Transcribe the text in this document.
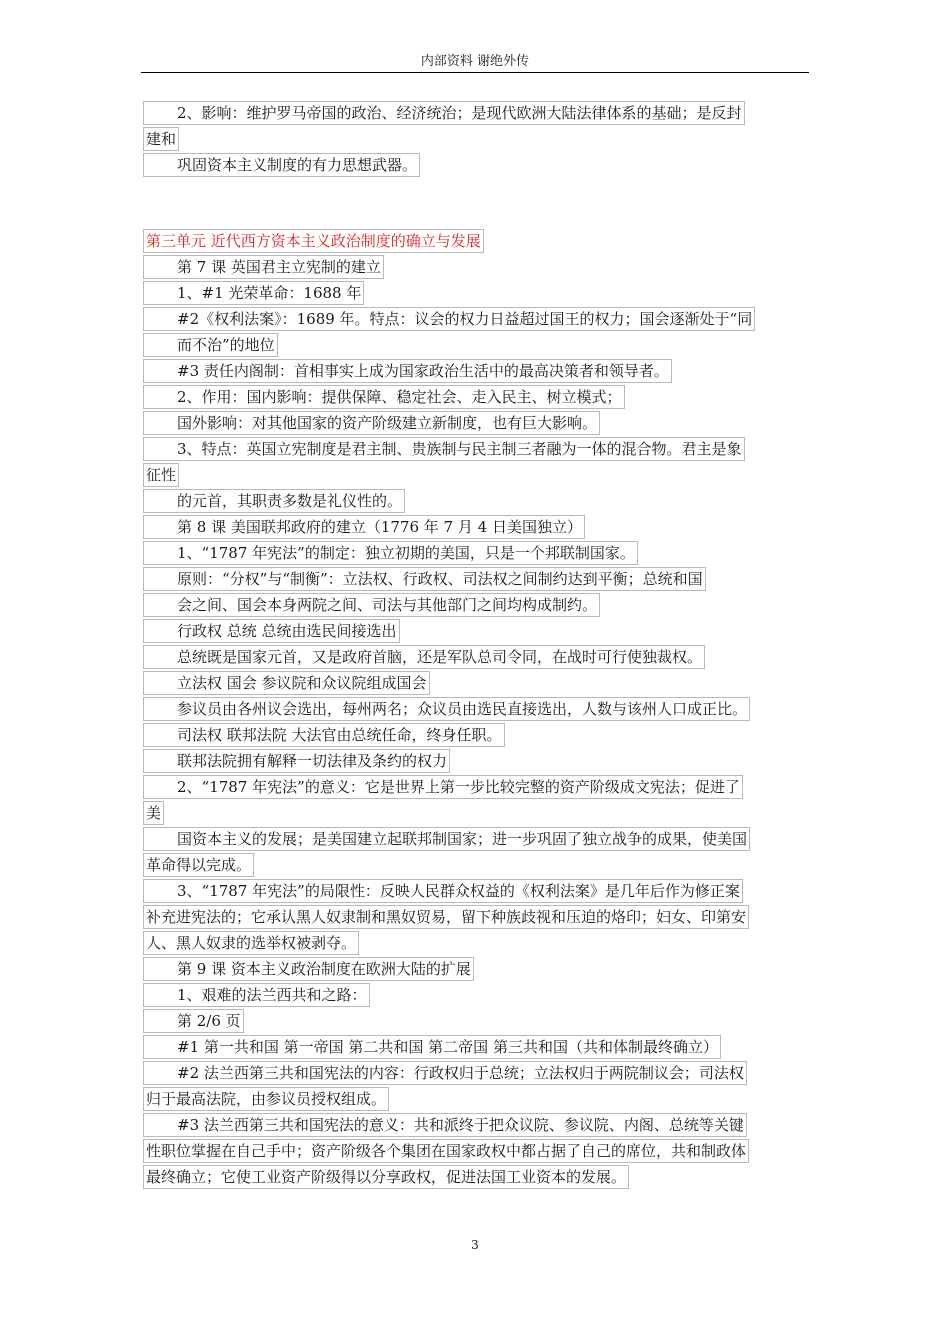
内部资料 谢绝外传
2、影响：维护罗马帝国的政治、经济统治；是现代欧洲大陆法律体系的基础；是反封
建和
巩固资本主义制度的有力思想武器。
第三单元 近代西方资本主义政治制度的确立与发展
第 7 课 英国君主立宪制的建立
1、#1 光荣革命：1688 年
#2《权利法案》：1689 年。特点：议会的权力日益超过国王的权力；国会逐渐处于“同
而不治”的地位
#3 责任内阁制：首相事实上成为国家政治生活中的最高决策者和领导者。
2、作用：国内影响：提供保障、稳定社会、走入民主、树立模式；
国外影响：对其他国家的资产阶级建立新制度，也有巨大影响。
3、特点：英国立宪制度是君主制、贵族制与民主制三者融为一体的混合物。君主是象
征性
的元首，其职责多数是礼仪性的。
第 8 课 美国联邦政府的建立（1776 年 7 月 4 日美国独立）
1、“1787 年宪法”的制定：独立初期的美国，只是一个邦联制国家。
原则：“分权”与“制衡”：立法权、行政权、司法权之间制约达到平衡；总统和国
会之间、国会本身两院之间、司法与其他部门之间均构成制约。
行政权 总统 总统由选民间接选出
总统既是国家元首，又是政府首脑，还是军队总司令同，在战时可行使独裁权。
立法权 国会 参议院和众议院组成国会
参议员由各州议会选出，每州两名；众议员由选民直接选出，人数与该州人口成正比。
司法权 联邦法院 大法官由总统任命，终身任职。
联邦法院拥有解释一切法律及条约的权力
2、“1787 年宪法”的意义：它是世界上第一步比较完整的资产阶级成文宪法；促进了
美
国资本主义的发展；是美国建立起联邦制国家；进一步巩固了独立战争的成果，使美国
革命得以完成。
3、“1787 年宪法”的局限性：反映人民群众权益的《权利法案》是几年后作为修正案
补充进宪法的；它承认黑人奴隶制和黑奴贸易，留下种族歧视和压迫的烙印；妇女、印第安
人、黑人奴隶的选举权被剥夺。
第 9 课 资本主义政治制度在欧洲大陆的扩展
1、艰难的法兰西共和之路：
第 2/6 页
#1 第一共和国 第一帝国 第二共和国 第二帝国 第三共和国（共和体制最终确立）
#2 法兰西第三共和国宪法的内容：行政权归于总统；立法权归于两院制议会；司法权
归于最高法院，由参议员授权组成。
#3 法兰西第三共和国宪法的意义：共和派终于把众议院、参议院、内阁、总统等关键
性职位掌握在自己手中；资产阶级各个集团在国家政权中都占据了自己的席位，共和制政体
最终确立；它使工业资产阶级得以分享政权，促进法国工业资本的发展。
3
